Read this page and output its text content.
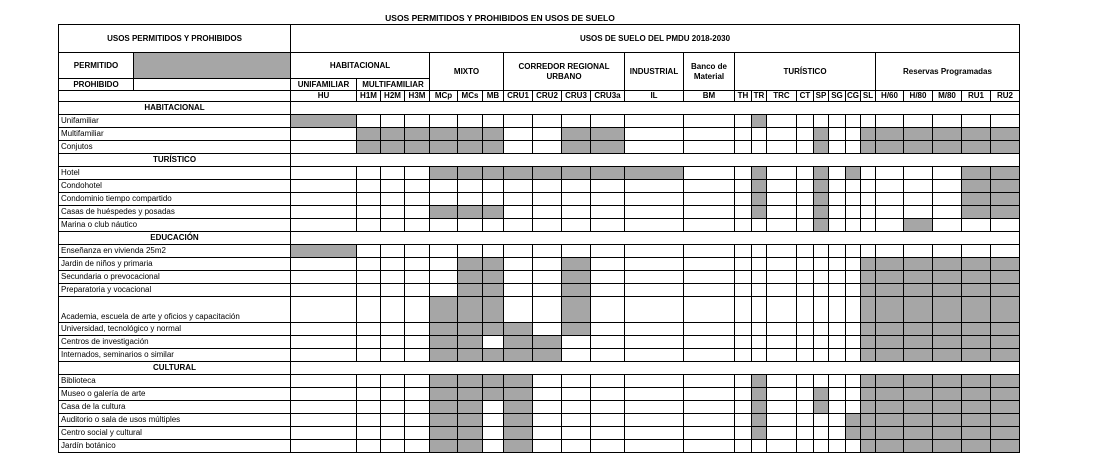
USOS PERMITIDOS Y PROHIBIDOS EN USOS DE SUELO
USOS PERMITIDOS Y PROHIBIDOS		USOS DE SUELO DEL PMDU 2018-2030																									
PERMITIDO		HABITACIONAL				MIXTO			CORREDOR REGIONAL URBANO				INDUSTRIAL	Banco de Material	TURÍSTICO								Reservas Programadas				
PROHIBIDO		UNIFAMILIAR	MULTIFAMILIAR																								
		HU	H1M	H2M	H3M	MCp	MCs	MB	CRU1	CRU2	CRU3	CRU3a	IL	BM	TH	TR	TRC	CT	SP	SG	CG	SL	H/60	H/80	M/80	RU1	RU2
HABITACIONAL																											
Unifamiliar																											
Multifamiliar																											
Conjutos																											
TURÍSTICO																											
Hotel																											
Condohotel																											
Condominio tiempo compartido																											
Casas de huéspedes y posadas																											
Marina o club náutico																											
EDUCACIÓN																											
Enseñanza en vivienda 25m2																											
Jardin de niños y primaria																											
Secundaria o prevocacional																											
Preparatoria y vocacional																											
Academia, escuela de arte y oficios y capacitación																											
Universidad, tecnológico y normal																											
Centros de investigación																											
Internados, seminarios o similar																											
CULTURAL																											
Biblioteca																											
Museo o galería de arte																											
Casa de la cultura																											
Auditorio o sala de usos múltiples																											
Centro social y cultural																											
Jardín botánico																											
